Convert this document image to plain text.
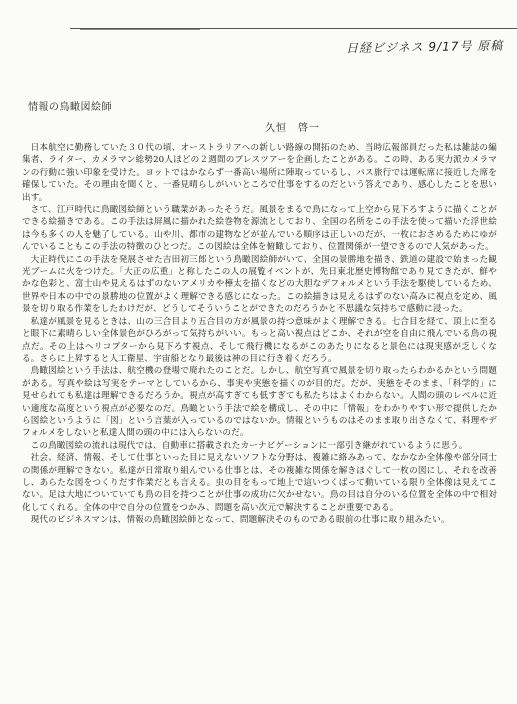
日経ビジネス 9/17号 原稿
情報の鳥瞰図絵師
久恒　啓一

日本航空に勤務していた３０代の頃、オーストラリアへの新しい路線の開拓のため、当時広報部員だった私は雑誌の編集者、ライター、カメラマン総勢20人ほどの２週間のプレスツアーを企画したことがある。この時、ある実力派カメラマンの行動に強い印象を受けた。ヨットではかならず一番高い場所に陣取っているし、バス旅行では運転席に接近した席を確保していた。その理由を聞くと、一番見晴らしがいいところで仕事をするのだという答えであり、感心したことを思い出す。

さて、江戸時代に鳥瞰図絵師という職業があったそうだ。風景をまるで鳥になって上空から見下ろすように描くことができる絵描きである。この手法は屏風に描かれた絵巻物を源流としており、全国の名所をこの手法を使って描いた浮世絵は今も多くの人を魅了している。山や川、都市の建物などが並んでいる順序は正しいのだが、一枚におさめるためにゆがんでいることもこの手法の特徴のひとつだ。この図絵は全体を俯瞰しており、位置関係が一望できるので人気があった。

大正時代にこの手法を発展させた吉田初三郎という鳥瞰図絵師がいて、全国の景勝地を描き、鉄道の建設で始まった観光ブームに火をつけた。「大正の広重」と称したこの人の展覧イベントが、先日東北歴史博物館であり見てきたが、鮮やかな色彩と、富士山や見えるはずのないアメリカや樺太を描くなどの大胆なデフォルメという手法を駆使しているため、世界や日本の中での景勝地の位置がよく理解できる感じになった。この絵描きは見えるはずのない高みに視点を定め、風景を切り取る作業をしたわけだが、どうしてそういうことができたのだろうかと不思議な気持ちで感動に浸った。

私達が風景を見るときは、山の三合目より五合目の方が風景の持つ意味がよく理解できる。七合目を経て、頂上に至ると眼下に素晴らしい全体景色がひろがって気持ちがいい。もっと高い視点はどこか、それが空を自由に飛んでいる鳥の視点だ。その上はヘリコプターから見下ろす視点、そして飛行機になるがこのあたりになると景色には現実感が乏しくなる。さらに上昇すると人工衛星、宇宙船となり最後は神の目に行き着くだろう。

鳥瞰図絵という手法は、航空機の登場で廃れたのことだ。しかし、航空写真で風景を切り取ったらわかるかという問題がある。写真や絵は写実をテーマとしているから、事実や実態を描くのが目的だ。だが、実態をそのまま、「科学的」に見せられても私達は理解できるだろうか。視点が高すぎても低すぎても私たちはよくわからない。人間の頭のレベルに近い適度な高度という視点が必要なのだ。鳥瞰という手法で絵を構成し、その中に「情報」をわかりやすい形で提供したから図絵というように「図」という言葉が入っているのではないか。情報というものはそのまま取り出さなくて、料理やデフォルメをしないと私達人間の頭の中には入らないのだ。

この鳥瞰図絵の流れは現代では、自動車に搭載されたカーナビゲーションに一部引き継がれているように思う。

社会、経済、情報、そして仕事といった目に見えないソフトな分野は、複雑に絡みあって、なかなか全体像や部分同士の関係が理解できない。私達が日常取り組んでいる仕事とは、その複雑な関係を解きほぐして一枚の図にし、それを改善し、あらたな図をつくりだす作業だとも言える。虫の目をもって地上で這いつくばって動いている限り全体像は見えてこない。足は大地についていても鳥の目を持つことが仕事の成功に欠かせない。鳥の目は自分のいる位置を全体の中で相対化してくれる。全体の中で自分の位置をつかみ、問題を高い次元で解決することが重要である。

現代のビジネスマンは、情報の鳥瞰図絵師となって、問題解決そのものである眼前の仕事に取り組みたい。
